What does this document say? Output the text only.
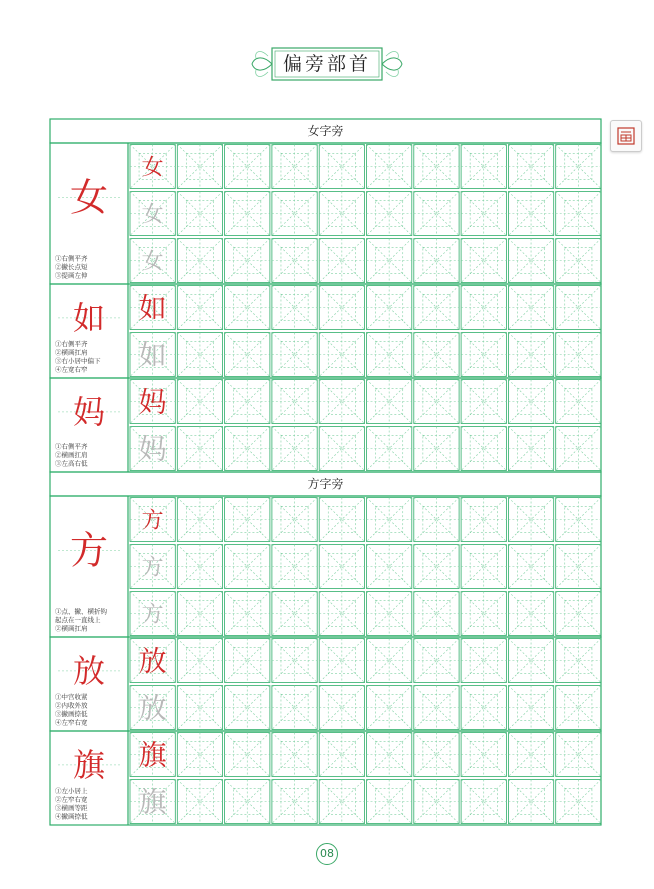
偏旁部首
女字旁
女
①右侧平齐
②撇长点短
③提画左伸
女
女
女
如
①右侧平齐
②横画扛肩
③右小居中偏下
④左宽右窄
如
如
妈
①右侧平齐
②横画扛肩
③左高右低
妈
妈
方字旁
方
①点、撇、横折钩
起点在一直线上
②横画扛肩
方
方
方
放
①中宫收紧
②内收外放
③撇画捺低
④左窄右宽
放
放
旗
①左小居上
②左窄右宽
③横画等距
④撇画捺低
旗
旗
08
